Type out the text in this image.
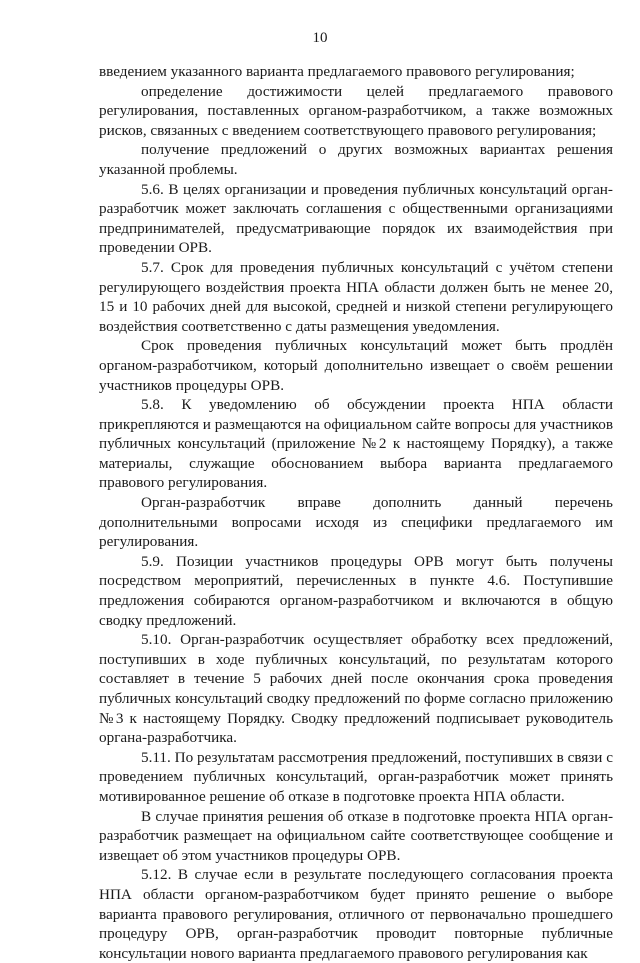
10

введением указанного варианта предлагаемого правового регулирования;

определение достижимости целей предлагаемого правового регулирования, поставленных органом-разработчиком, а также возможных рисков, связанных с введением соответствующего правового регулирования;

получение предложений о других возможных вариантах решения указанной проблемы.

5.6. В целях организации и проведения публичных консультаций орган-разработчик может заключать соглашения с общественными организациями предпринимателей, предусматривающие порядок их взаимодействия при проведении ОРВ.

5.7. Срок для проведения публичных консультаций с учётом степени регулирующего воздействия проекта НПА области должен быть не менее 20, 15 и 10 рабочих дней для высокой, средней и низкой степени регулирующего воздействия соответственно с даты размещения уведомления.

Срок проведения публичных консультаций может быть продлён органом-разработчиком, который дополнительно извещает о своём решении участников процедуры ОРВ.

5.8. К уведомлению об обсуждении проекта НПА области прикрепляются и размещаются на официальном сайте вопросы для участников публичных консультаций (приложение №2 к настоящему Порядку), а также материалы, служащие обоснованием выбора варианта предлагаемого правового регулирования.

Орган-разработчик вправе дополнить данный перечень дополнительными вопросами исходя из специфики предлагаемого им регулирования.

5.9. Позиции участников процедуры ОРВ могут быть получены посредством мероприятий, перечисленных в пункте 4.6. Поступившие предложения собираются органом-разработчиком и включаются в общую сводку предложений.

5.10. Орган-разработчик осуществляет обработку всех предложений, поступивших в ходе публичных консультаций, по результатам которого составляет в течение 5 рабочих дней после окончания срока проведения публичных консультаций сводку предложений по форме согласно приложению №3 к настоящему Порядку. Сводку предложений подписывает руководитель органа-разработчика.

5.11. По результатам рассмотрения предложений, поступивших в связи с проведением публичных консультаций, орган-разработчик может принять мотивированное решение об отказе в подготовке проекта НПА области.

В случае принятия решения об отказе в подготовке проекта НПА орган-разработчик размещает на официальном сайте соответствующее сообщение и извещает об этом участников процедуры ОРВ.

5.12. В случае если в результате последующего согласования проекта НПА области органом-разработчиком будет принято решение о выборе варианта правового регулирования, отличного от первоначально прошедшего процедуру ОРВ, орган-разработчик проводит повторные публичные консультации нового варианта предлагаемого правового регулирования как
